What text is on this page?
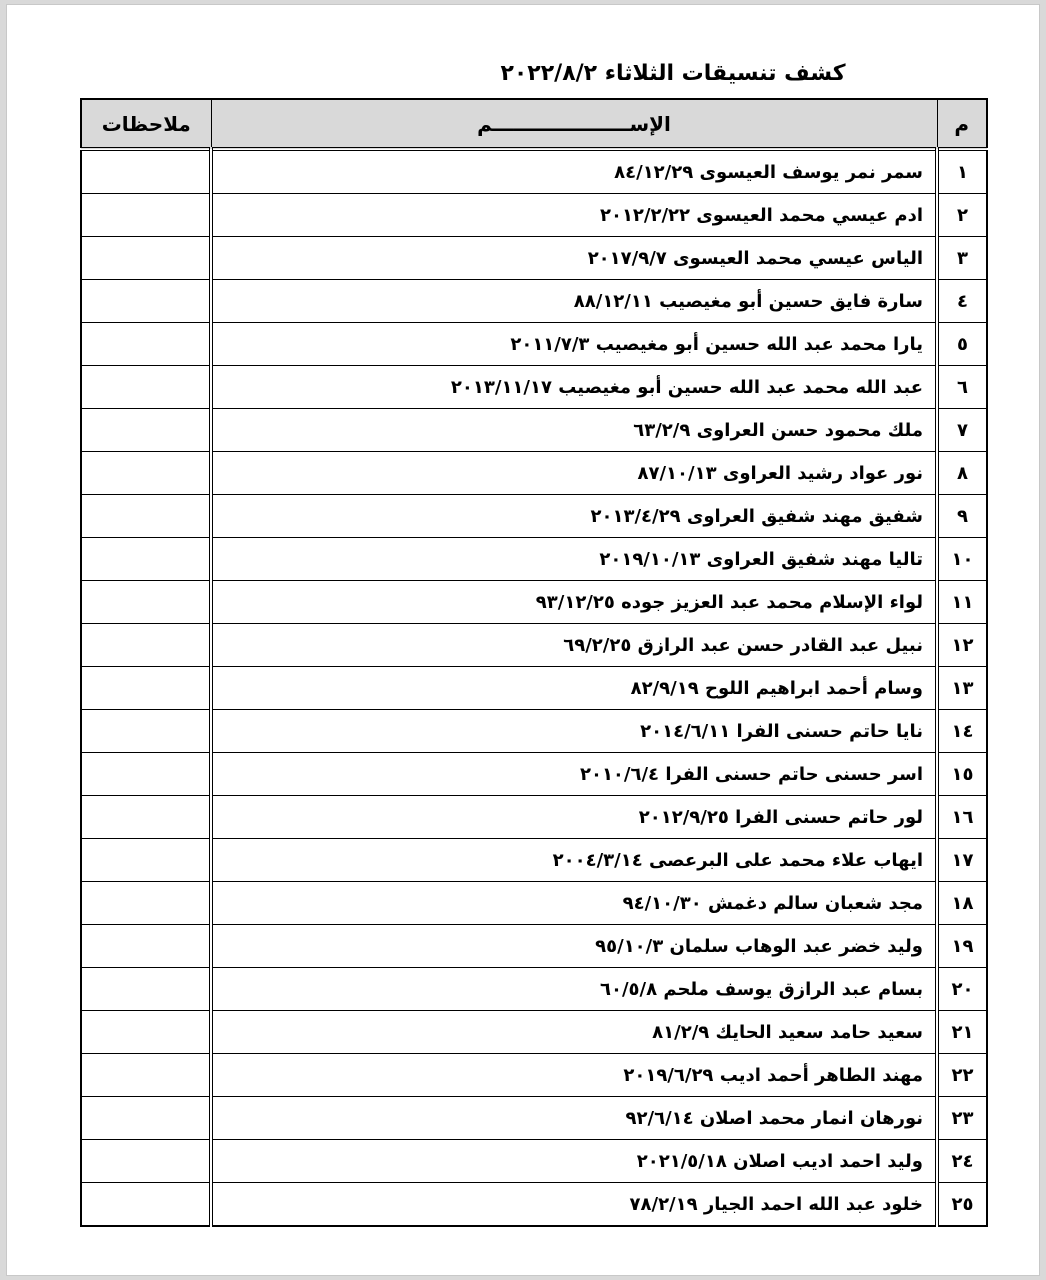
كشف تنسيقات الثلاثاء ٢٠٢٢/٨/٢
م	الإســــــــــــــــــــم	ملاحظات
١	سمر نمر يوسف العيسوى ٨٤/١٢/٢٩	
٢	ادم عيسي محمد العيسوى ٢٠١٢/٢/٢٢	
٣	الياس عيسي محمد العيسوى ٢٠١٧/٩/٧	
٤	سارة فايق حسين أبو مغيصيب ٨٨/١٢/١١	
٥	يارا محمد عبد الله حسين أبو مغيصيب ٢٠١١/٧/٣	
٦	عبد الله محمد عبد الله حسين أبو مغيصيب ٢٠١٣/١١/١٧	
٧	ملك محمود حسن العراوى ٦٣/٢/٩	
٨	نور عواد رشيد العراوى ٨٧/١٠/١٣	
٩	شفيق مهند شفيق العراوى ٢٠١٣/٤/٢٩	
١٠	تاليا مهند شفيق العراوى ٢٠١٩/١٠/١٣	
١١	لواء الإسلام محمد عبد العزيز جوده ٩٣/١٢/٢٥	
١٢	نبيل عبد القادر حسن عبد الرازق ٦٩/٢/٢٥	
١٣	وسام أحمد ابراهيم اللوح ٨٢/٩/١٩	
١٤	نايا حاتم حسنى الفرا ٢٠١٤/٦/١١	
١٥	اسر حسنى حاتم حسنى الفرا ٢٠١٠/٦/٤	
١٦	لور حاتم حسنى الفرا ٢٠١٢/٩/٢٥	
١٧	ايهاب علاء محمد على البرعصى ٢٠٠٤/٣/١٤	
١٨	مجد شعبان سالم دغمش ٩٤/١٠/٣٠	
١٩	وليد خضر عبد الوهاب سلمان ٩٥/١٠/٣	
٢٠	بسام عبد الرازق يوسف ملحم ٦٠/٥/٨	
٢١	سعيد حامد سعيد الحايك ٨١/٢/٩	
٢٢	مهند الطاهر أحمد اديب ٢٠١٩/٦/٢٩	
٢٣	نورهان انمار محمد اصلان ٩٢/٦/١٤	
٢٤	وليد احمد اديب اصلان ٢٠٢١/٥/١٨	
٢٥	خلود عبد الله احمد الجيار ٧٨/٢/١٩	
